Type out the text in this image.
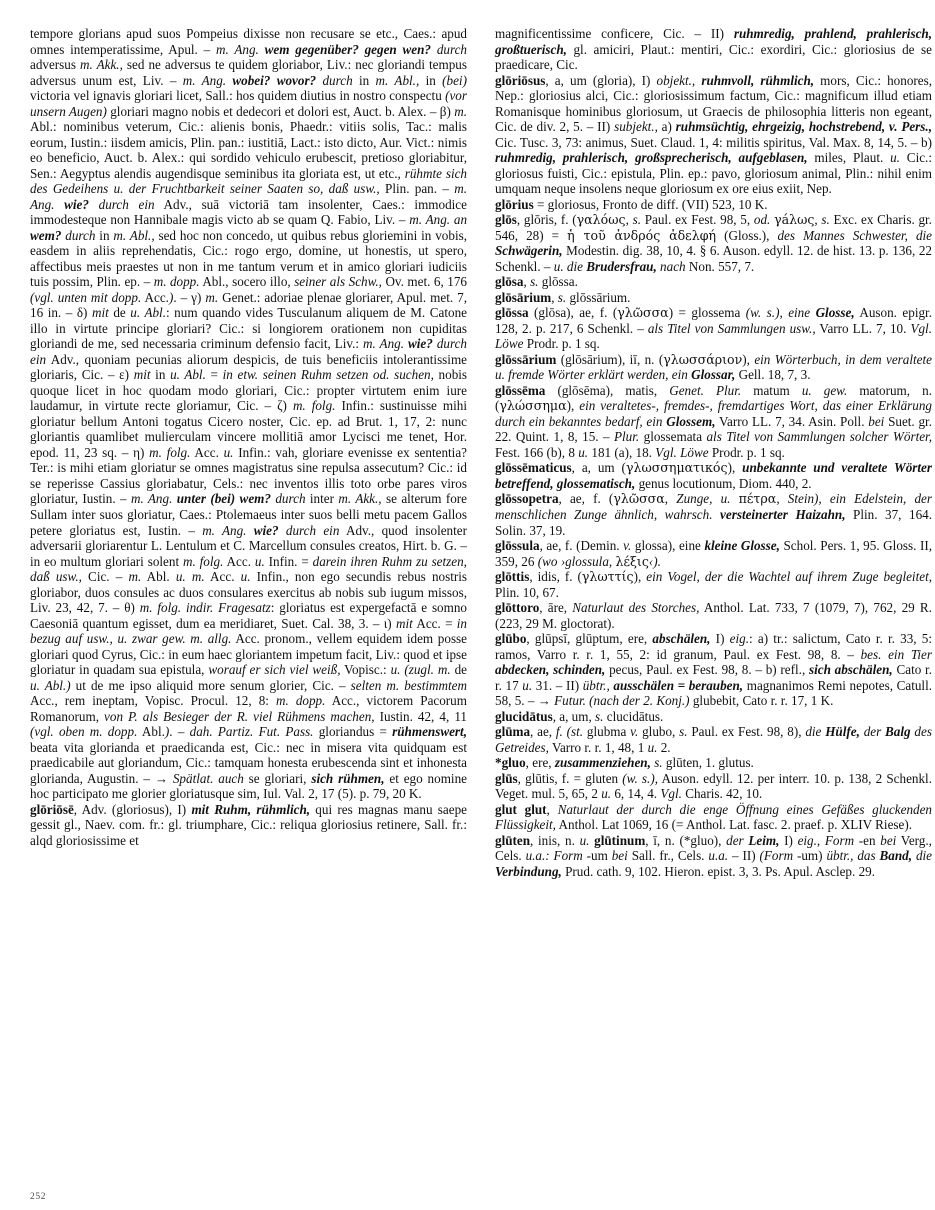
tempore glorians apud suos Pompeius dixisse non recusare se etc., Caes.: apud omnes intemperatissime, Apul. – m. Ang. wem gegenüber? gegen wen? durch adversus m. Akk., sed ne adversus te quidem gloriabor, Liv.: nec gloriandi tempus adversus unum est, Liv. – m. Ang. wobei? wovor? durch in m. Abl., in (bei) victoria vel ignavis gloriari licet, Sall.: hos quidem diutius in nostro conspectu (vor unsern Augen) gloriari magno nobis et dedecori et dolori est, Auct. b. Alex. – β) m. Abl.: nominibus veterum, Cic.: alienis bonis, Phaedr.: vitiis solis, Tac.: malis eorum, Iustin.: iisdem amicis, Plin. pan.: iustitiā, Lact.: isto dicto, Aur. Vict.: nimis eo beneficio, Auct. b. Alex.: qui sordido vehiculo erubescit, pretioso gloriabitur, Sen.: Aegyptus alendis augendisque seminibus ita gloriata est, ut etc., rühmte sich des Gedeihens u. der Fruchtbarkeit seiner Saaten so, daß usw., Plin. pan. – m. Ang. wie? durch ein Adv., suā victoriā tam insolenter, Caes.: immodice immodesteque non Hannibale magis victo ab se quam Q. Fabio, Liv. – m. Ang. an wem? durch in m. Abl., sed hoc non concedo, ut quibus rebus gloriemini in vobis, easdem in aliis reprehendatis, Cic.: rogo ergo, domine, ut honestis, ut spero, affectibus meis praestes ut non in me tantum verum et in amico gloriari iudiciis tuis possim, Plin. ep. – m. dopp. Abl., socero illo, seiner als Schw., Ov. met. 6, 176 (vgl. unten mit dopp. Acc.). – γ) m. Genet.: adoriae plenae gloriarer, Apul. met. 7, 16 in. – δ) mit de u. Abl.: num quando vides Tusculanum aliquem de M. Catone illo in virtute principe gloriari? Cic.: si longiorem orationem non cupiditas gloriandi de me, sed necessaria criminum defensio facit, Liv.: m. Ang. wie? durch ein Adv., quoniam pecunias aliorum despicis, de tuis beneficiis intolerantissime gloriaris, Cic. – ε) mit in u. Abl. = in etw. seinen Ruhm setzen od. suchen, nobis quoque licet in hoc quodam modo gloriari, Cic.: propter virtutem enim iure laudamur, in virtute recte gloriamur, Cic. – ζ) m. folg. Infin.: sustinuisse mihi gloriatur bellum Antoni togatus Cicero noster, Cic. ep. ad Brut. 1, 17, 2: nunc gloriantis quamlibet mulierculam vincere mollitiā amor Lycisci me tenet, Hor. epod. 11, 23 sq. – η) m. folg. Acc. u. Infin.: vah, gloriare evenisse ex sententia? Ter.: is mihi etiam gloriatur se omnes magistratus sine repulsa assecutum? Cic.: id se reperisse Cassius gloriabatur, Cels.: nec inventos illis toto orbe pares viros gloriatur, Iustin. – m. Ang. unter (bei) wem? durch inter m. Akk., se alterum fore Sullam inter suos gloriatur, Caes.: Ptolemaeus inter suos belli metu pacem Gallos petere gloriatus est, Iustin. – m. Ang. wie? durch ein Adv., quod insolenter adversarii gloriarentur L. Lentulum et C. Marcellum consules creatos, Hirt. b. G. – in eo multum gloriari solent m. folg. Acc. u. Infin. = darein ihren Ruhm zu setzen, daß usw., Cic. – m. Abl. u. m. Acc. u. Infin., non ego secundis rebus nostris gloriabor, duos consules ac duos consulares exercitus ab nobis sub iugum missos, Liv. 23, 42, 7. – θ) m. folg. indir. Fragesatz: gloriatus est expergefactā e somno Caesoniā quantum egisset, dum ea meridiaret, Suet. Cal. 38, 3. – ι) mit Acc. = in bezug auf usw., u. zwar gew. m. allg. Acc. pronom., vellem equidem idem posse gloriari quod Cyrus, Cic.: in eum haec gloriantem impetum facit, Liv.: quod et ipse gloriatur in quadam sua epistula, worauf er sich viel weiß, Vopisc.: u. (zugl. m. de u. Abl.) ut de me ipso aliquid more senum glorier, Cic. – selten m. bestimmtem Acc., rem ineptam, Vopisc. Procul. 12, 8: m. dopp. Acc., victorem Pacorum Romanorum, von P. als Besieger der R. viel Rühmens machen, Iustin. 42, 4, 11 (vgl. oben m. dopp. Abl.). – dah. Partiz. Fut. Pass. gloriandus = rühmenswert, beata vita glorianda et praedicanda est, Cic.: nec in misera vita quidquam est praedicabile aut gloriandum, Cic.: tamquam honesta erubescenda sint et inhonesta glorianda, Augustin. – → Spätlat. auch se gloriari, sich rühmen, et ego nomine hoc participato me glorier gloriatusque sim, Iul. Val. 2, 17 (5). p. 79, 20 K.

glōriōsē, Adv. (gloriosus), I) mit Ruhm, rühmlich, qui res magnas manu saepe gessit gl., Naev. com. fr.: gl. triumphare, Cic.: reliqua gloriosius retinere, Sall. fr.: alqd gloriosissime et

magnificentissime conficere, Cic. – II) ruhmredig, prahlend, prahlerisch, großtuerisch, gl. amiciri, Plaut.: mentiri, Cic.: exordiri, Cic.: gloriosius de se praedicare, Cic.

glōriōsus, a, um (gloria), I) objekt., ruhmvoll, rühmlich, mors, Cic.: honores, Nep.: gloriosius alci, Cic.: gloriosissimum factum, Cic.: magnificum illud etiam Romanisque hominibus gloriosum, ut Graecis de philosophia litteris non egeant, Cic. de div. 2, 5. – II) subjekt., a) ruhmsüchtig, ehrgeizig, hochstrebend, v. Pers., Cic. Tusc. 3, 73: animus, Suet. Claud. 1, 4: militis spiritus, Val. Max. 8, 14, 5. – b) ruhmredig, prahlerisch, großsprecherisch, aufgeblasen, miles, Plaut. u. Cic.: gloriosus fuisti, Cic.: epistula, Plin. ep.: pavo, gloriosum animal, Plin.: nihil enim umquam neque insolens neque gloriosum ex ore eius exiit, Nep.

glōrius = gloriosus, Fronto de diff. (VII) 523, 10 K.

glōs, glōris, f. (γαλóως, s. Paul. ex Fest. 98, 5, od. γáλως, s. Exc. ex Charis. gr. 546, 28) = ἡ τοῦ ἀνδρóς ἀδελφή (Gloss.), des Mannes Schwester, die Schwägerin, Modestin. dig. 38, 10, 4. § 6. Auson. edyll. 12. de hist. 13. p. 136, 22 Schenkl. – u. die Brudersfrau, nach Non. 557, 7.

glōsa, s. glōssa.

glōsārium, s. glōssārium.

glōssa (glōsa), ae, f. (γλῶσσα) = glossema (w. s.), eine Glosse, Auson. epigr. 128, 2. p. 217, 6 Schenkl. – als Titel von Sammlungen usw., Varro LL. 7, 10. Vgl. Löwe Prodr. p. 1 sq.

glōssārium (glōsārium), iī, n. (γλωσσάριον), ein Wörterbuch, in dem veraltete u. fremde Wörter erklärt werden, ein Glossar, Gell. 18, 7, 3.

glōssēma (glōsēma), matis, Genet. Plur. matum u. gew. matorum, n. (γλώσσημα), ein veraltetes-, fremdes-, fremdartiges Wort, das einer Erklärung durch ein bekanntes bedarf, ein Glossem, Varro LL. 7, 34. Asin. Poll. bei Suet. gr. 22. Quint. 1, 8, 15. – Plur. glossemata als Titel von Sammlungen solcher Wörter, Fest. 166 (b), 8 u. 181 (a), 18. Vgl. Löwe Prodr. p. 1 sq.

glōssēmaticus, a, um (γλωσσηματικóς), unbekannte und veraltete Wörter betreffend, glossematisch, genus locutionum, Diom. 440, 2.

glōssopetra, ae, f. (γλῶσσα, Zunge, u. πέτρα, Stein), ein Edelstein, der menschlichen Zunge ähnlich, wahrsch. versteinerter Haizahn, Plin. 37, 164. Solin. 37, 19.

glōssula, ae, f. (Demin. v. glossa), eine kleine Glosse, Schol. Pers. 1, 95. Gloss. II, 359, 26 (wo ›glossula, λέξις‹).

glōttis, idis, f. (γλωττίς), ein Vogel, der die Wachtel auf ihrem Zuge begleitet, Plin. 10, 67.

glōttoro, āre, Naturlaut des Storches, Anthol. Lat. 733, 7 (1079, 7), 762, 29 R. (223, 29 M. gloctorat).

glūbo, glūpsī, glūptum, ere, abschälen, I) eig.: a) tr.: salictum, Cato r. r. 33, 5: ramos, Varro r. r. 1, 55, 2: id granum, Paul. ex Fest. 98, 8. – bes. ein Tier abdecken, schinden, pecus, Paul. ex Fest. 98, 8. – b) refl., sich abschälen, Cato r. r. 17 u. 31. – II) übtr., ausschälen = berauben, magnanimos Remi nepotes, Catull. 58, 5. – → Futur. (nach der 2. Konj.) glubebit, Cato r. r. 17, 1 K.

glucidātus, a, um, s. clucidātus.

glūma, ae, f. (st. glubma v. glubo, s. Paul. ex Fest. 98, 8), die Hülfe, der Balg des Getreides, Varro r. r. 1, 48, 1 u. 2.

*gluo, ere, zusammenziehen, s. glūten, 1. glutus.

glūs, glūtis, f. = gluten (w. s.), Auson. edyll. 12. per interr. 10. p. 138, 2 Schenkl. Veget. mul. 5, 65, 2 u. 6, 14, 4. Vgl. Charis. 42, 10.

glut glut, Naturlaut der durch die enge Öffnung eines Gefäßes gluckenden Flüssigkeit, Anthol. Lat 1069, 16 (= Anthol. Lat. fasc. 2. praef. p. XLIV Riese).

glūten, inis, n. u. glūtinum, ī, n. (*gluo), der Leim, I) eig., Form -en bei Verg., Cels. u.a.: Form -um bei Sall. fr., Cels. u.a. – II) (Form -um) übtr., das Band, die Verbindung, Prud. cath. 9, 102. Hieron. epist. 3, 3. Ps. Apul. Asclep. 29.

252
